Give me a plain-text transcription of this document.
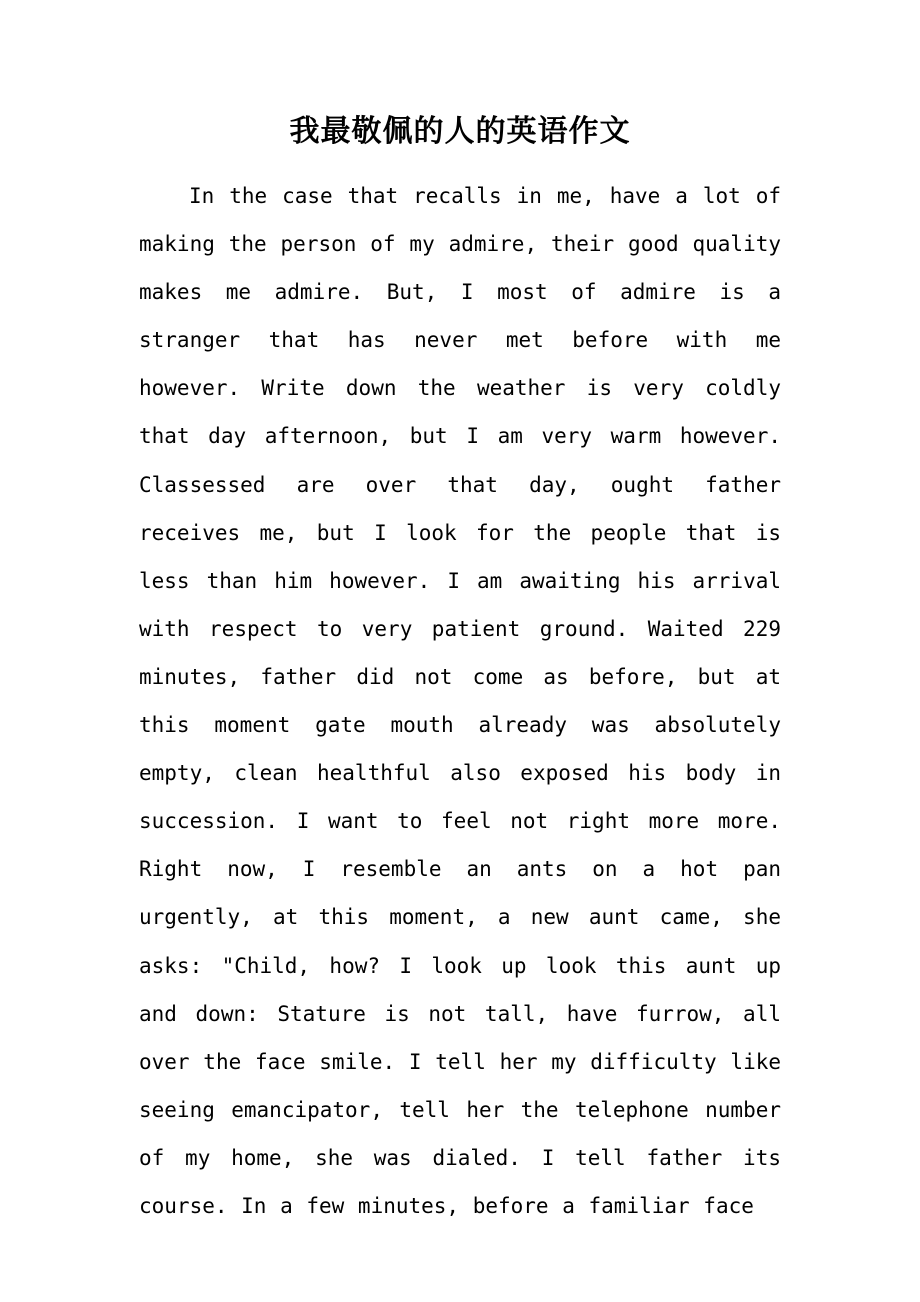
我最敬佩的人的英语作文

In the case that recalls in me, have a lot of making the person of my admire, their good quality makes me admire. But, I most of admire is a stranger that has never met before with me however. Write down the weather is very coldly that day afternoon, but I am very warm however. Classessed are over that day, ought father receives me, but I look for the people that is less than him however. I am awaiting his arrival with respect to very patient ground. Waited 229 minutes, father did not come as before, but at this moment gate mouth already was absolutely empty, clean healthful also exposed his body in succession. I want to feel not right more more. Right now, I resemble an ants on a hot pan urgently, at this moment, a new aunt came, she asks: "Child, how? I look up look this aunt up and down: Stature is not tall, have furrow, all over the face smile. I tell her my difficulty like seeing emancipator, tell her the telephone number of my home, she was dialed. I tell father its course. In a few minutes, before a familiar face
